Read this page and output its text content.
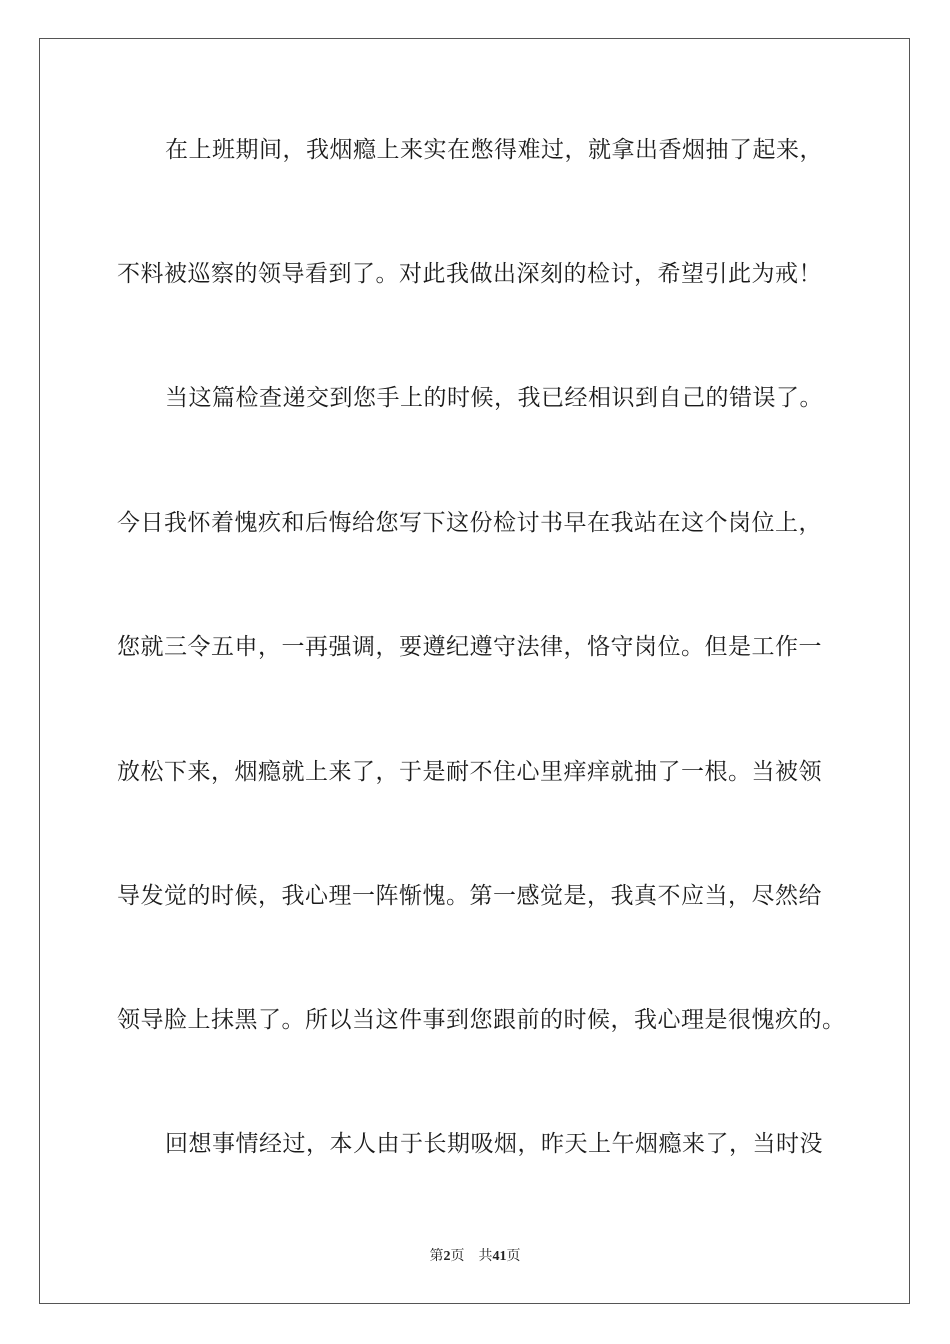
在上班期间，我烟瘾上来实在憋得难过，就拿出香烟抽了起来，
不料被巡察的领导看到了。对此我做出深刻的检讨，希望引此为戒！
当这篇检查递交到您手上的时候，我已经相识到自己的错误了。
今日我怀着愧疚和后悔给您写下这份检讨书早在我站在这个岗位上，
您就三令五申，一再强调，要遵纪遵守法律，恪守岗位。但是工作一
放松下来，烟瘾就上来了，于是耐不住心里痒痒就抽了一根。当被领
导发觉的时候，我心理一阵惭愧。第一感觉是，我真不应当，尽然给
领导脸上抹黑了。所以当这件事到您跟前的时候，我心理是很愧疚的。
回想事情经过，本人由于长期吸烟，昨天上午烟瘾来了，当时没
第2页 共41页
